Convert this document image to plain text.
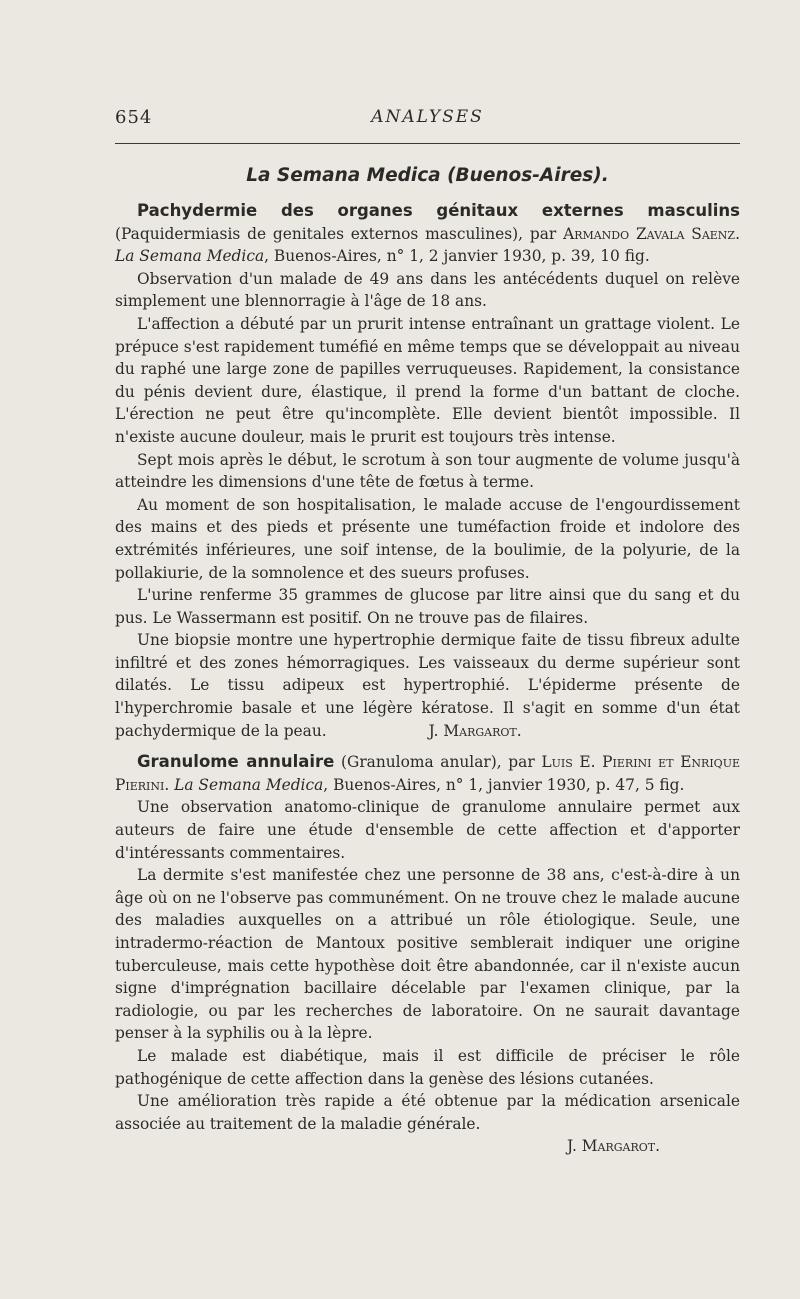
654	ANALYSES
La Semana Medica (Buenos-Aires).

Pachydermie des organes génitaux externes masculins (Paquidermiasis de genitales externos masculines), par Armando Zavala Saenz. La Semana Medica, Buenos-Aires, n° 1, 2 janvier 1930, p. 39, 10 fig.

Observation d'un malade de 49 ans dans les antécédents duquel on relève simplement une blennorragie à l'âge de 18 ans.

L'affection a débuté par un prurit intense entraînant un grattage violent. Le prépuce s'est rapidement tuméfié en même temps que se développait au niveau du raphé une large zone de papilles verruqueuses. Rapidement, la consistance du pénis devient dure, élastique, il prend la forme d'un battant de cloche. L'érection ne peut être qu'incomplète. Elle devient bientôt impossible. Il n'existe aucune douleur, mais le prurit est toujours très intense.

Sept mois après le début, le scrotum à son tour augmente de volume jusqu'à atteindre les dimensions d'une tête de fœtus à terme.

Au moment de son hospitalisation, le malade accuse de l'engourdissement des mains et des pieds et présente une tuméfaction froide et indolore des extrémités inférieures, une soif intense, de la boulimie, de la polyurie, de la pollakiurie, de la somnolence et des sueurs profuses.

L'urine renferme 35 grammes de glucose par litre ainsi que du sang et du pus. Le Wassermann est positif. On ne trouve pas de filaires.

Une biopsie montre une hypertrophie dermique faite de tissu fibreux adulte infiltré et des zones hémorragiques. Les vaisseaux du derme supérieur sont dilatés. Le tissu adipeux est hypertrophié. L'épiderme présente de l'hyperchromie basale et une légère kératose. Il s'agit en somme d'un état pachydermique de la peau.	J. Margarot.

Granulome annulaire (Granuloma anular), par Luis E. Pierini et Enrique Pierini. La Semana Medica, Buenos-Aires, n° 1, janvier 1930, p. 47, 5 fig.

Une observation anatomo-clinique de granulome annulaire permet aux auteurs de faire une étude d'ensemble de cette affection et d'apporter d'intéressants commentaires.

La dermite s'est manifestée chez une personne de 38 ans, c'est-à-dire à un âge où on ne l'observe pas communément. On ne trouve chez le malade aucune des maladies auxquelles on a attribué un rôle étiologique. Seule, une intradermo-réaction de Mantoux positive semblerait indiquer une origine tuberculeuse, mais cette hypothèse doit être abandonnée, car il n'existe aucun signe d'imprégnation bacillaire décelable par l'examen clinique, par la radiologie, ou par les recherches de laboratoire. On ne saurait davantage penser à la syphilis ou à la lèpre.

Le malade est diabétique, mais il est difficile de préciser le rôle pathogénique de cette affection dans la genèse des lésions cutanées.

Une amélioration très rapide a été obtenue par la médication arsenicale associée au traitement de la maladie générale.

J. Margarot.
